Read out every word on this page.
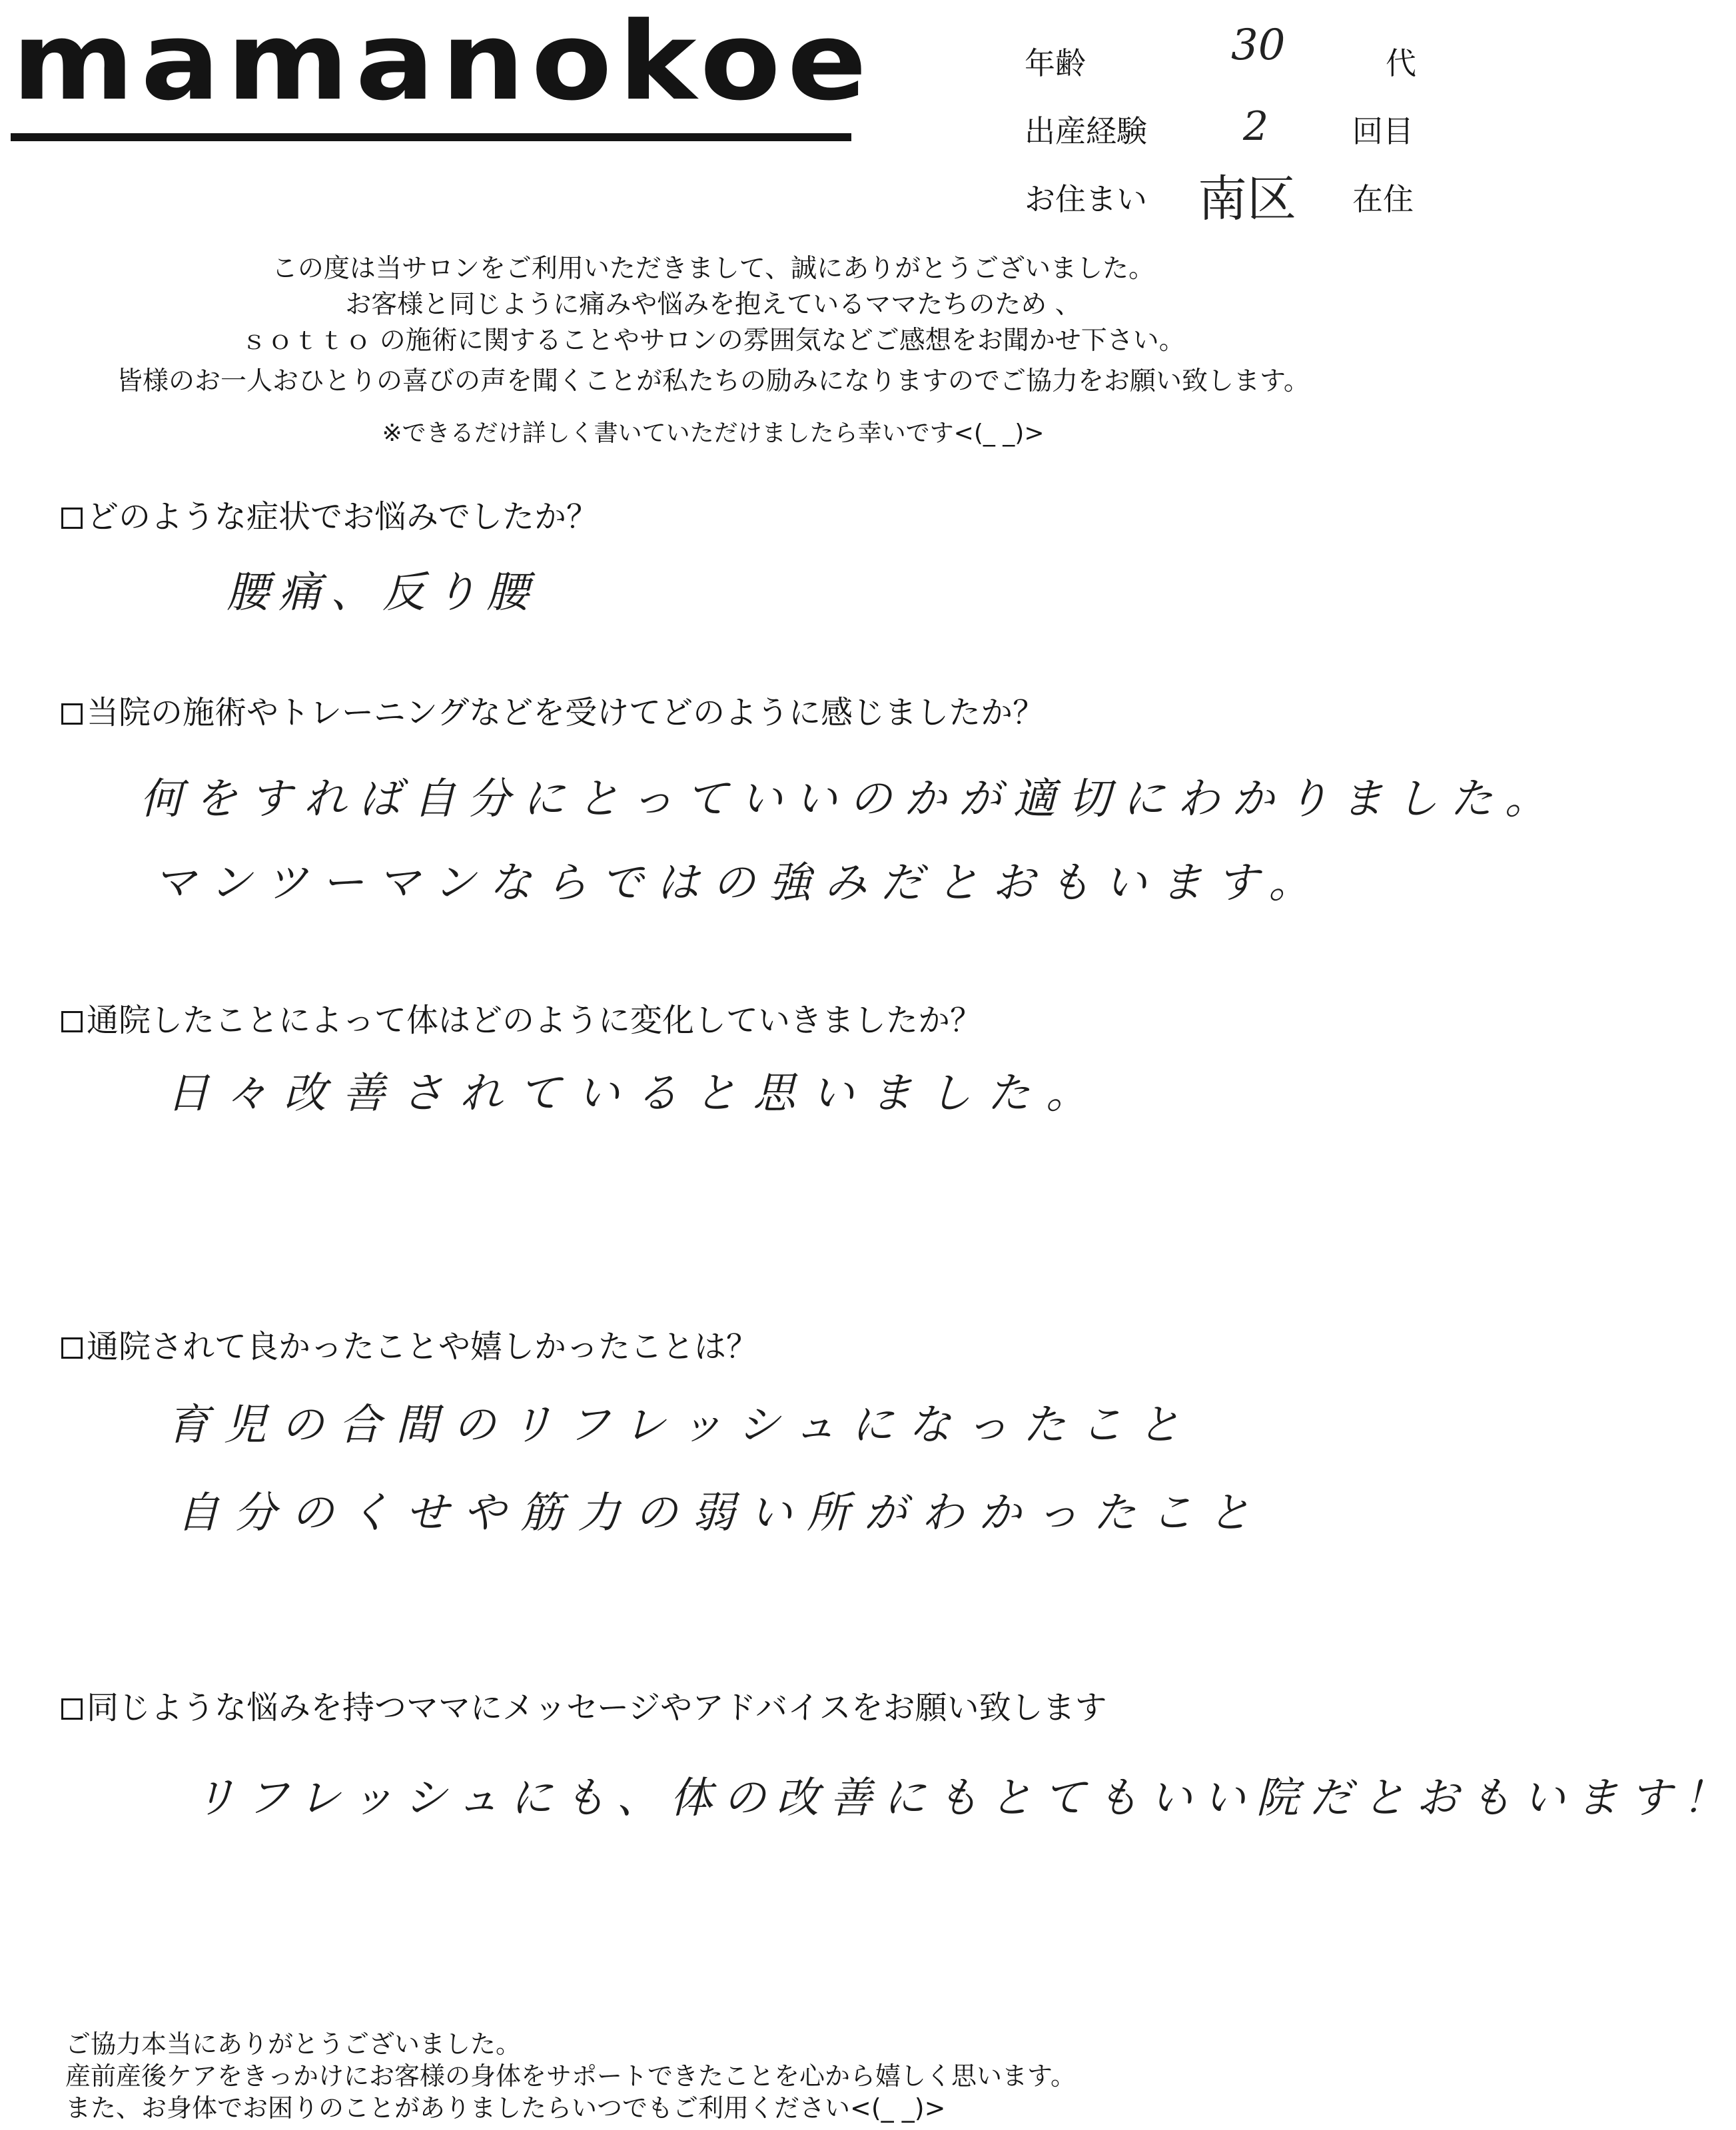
mamanokoe	年齢	30	代
出産経験 2	回目
お住まい 南区 在住
この度は当サロンをご利用いただきまして、誠にありがとうございました。
お客様と同じように痛みや悩みを抱えているママたちのため 、
ｓｏｔｔｏ の施術に関することやサロンの雰囲気などご感想をお聞かせ下さい。
皆様のお一人おひとりの喜びの声を聞くことが私たちの励みになりますのでご協力をお願い致します。
※できるだけ詳しく書いていただけましたら幸いです<(_ _)>
どのような症状でお悩みでしたか？
腰痛、反り腰
当院の施術やトレーニングなどを受けてどのように感じましたか？
何をすれば自分にとっていいのかが適切にわかりました。
マンツーマンならではの強みだとおもいます。
通院したことによって体はどのように変化していきましたか？
日々改善されていると思いました。
通院されて良かったことや嬉しかったことは？
育児の合間のリフレッシュになったこと
自分のくせや筋力の弱い所がわかったこと
同じような悩みを持つママにメッセージやアドバイスをお願い致します
リフレッシュにも、体の改善にもとてもいい院だとおもいます！
ご協力本当にありがとうございました。
産前産後ケアをきっかけにお客様の身体をサポートできたことを心から嬉しく思います。
また、お身体でお困りのことがありましたらいつでもご利用ください<(_ _)>
